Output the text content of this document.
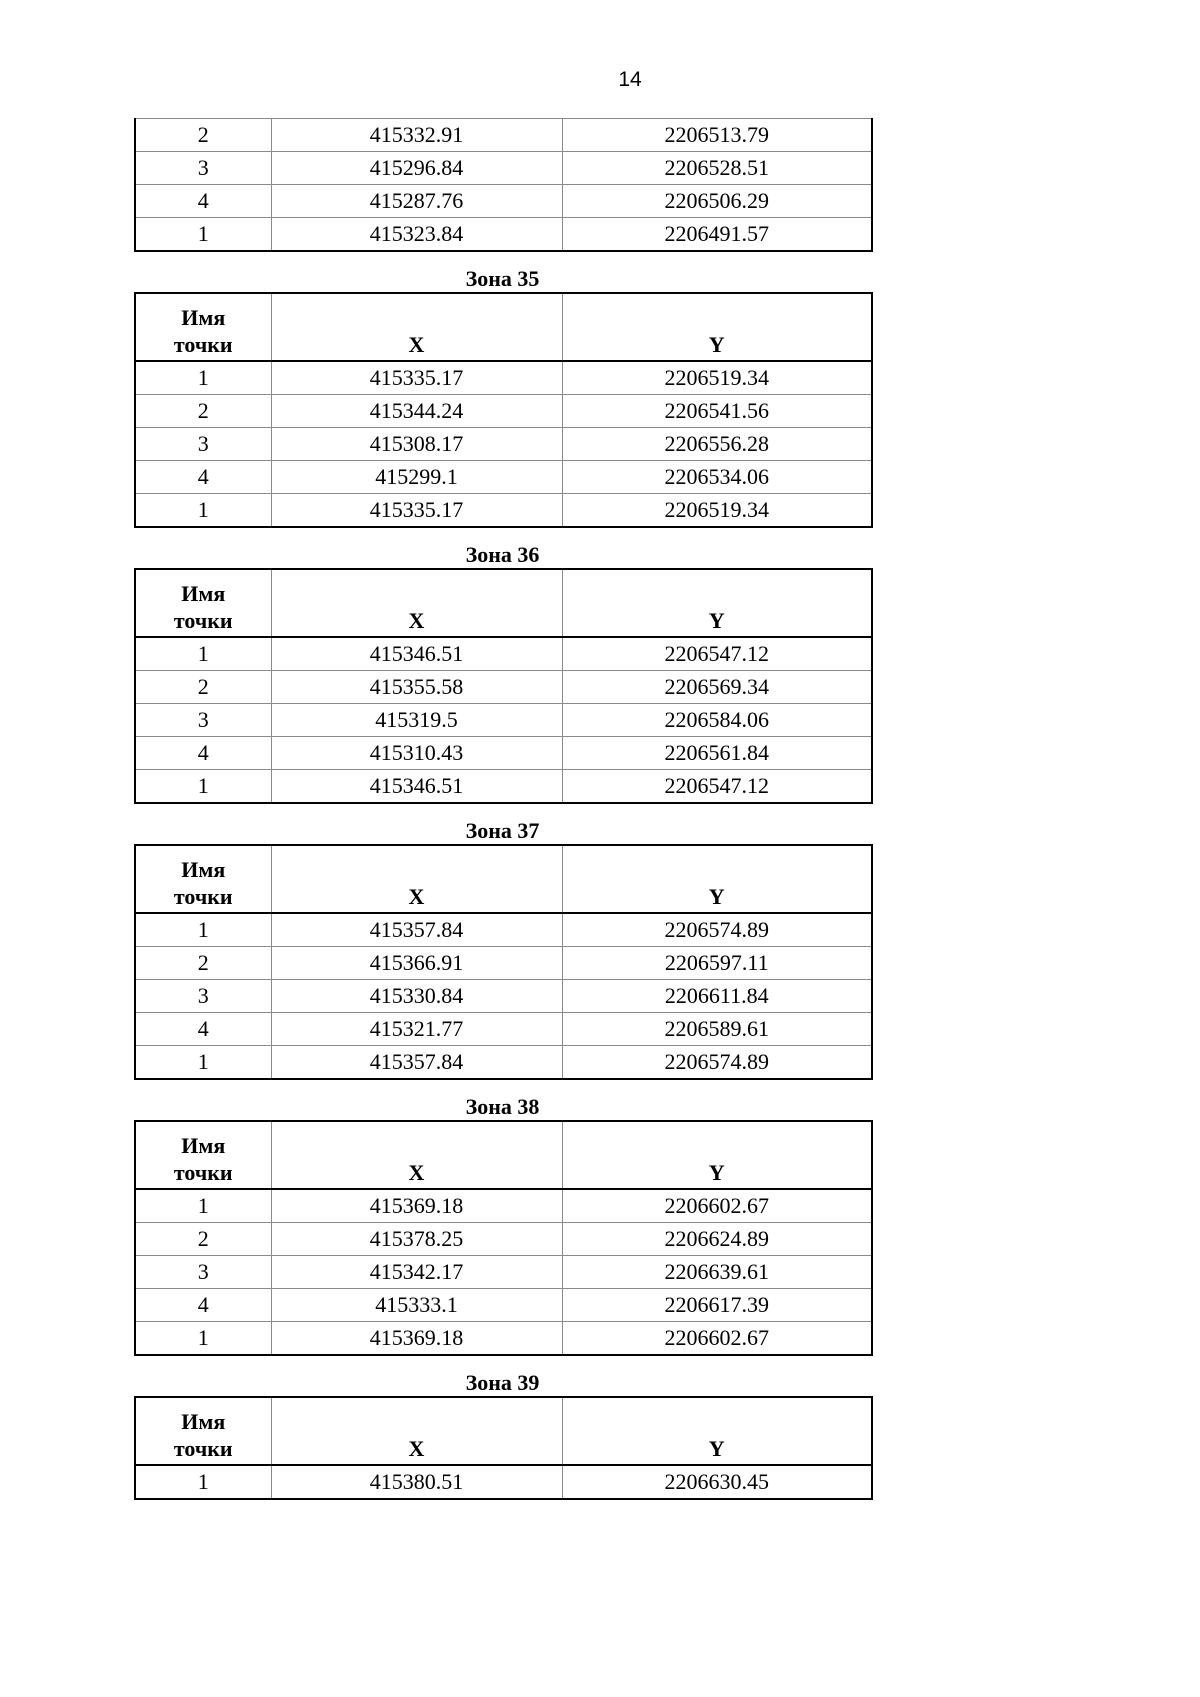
14
2	415332.91	2206513.79
3	415296.84	2206528.51
4	415287.76	2206506.29
1	415323.84	2206491.57
Зона 35
Имя
точки	X	Y
1	415335.17	2206519.34
2	415344.24	2206541.56
3	415308.17	2206556.28
4	415299.1	2206534.06
1	415335.17	2206519.34
Зона 36
Имя
точки	X	Y
1	415346.51	2206547.12
2	415355.58	2206569.34
3	415319.5	2206584.06
4	415310.43	2206561.84
1	415346.51	2206547.12
Зона 37
Имя
точки	X	Y
1	415357.84	2206574.89
2	415366.91	2206597.11
3	415330.84	2206611.84
4	415321.77	2206589.61
1	415357.84	2206574.89
Зона 38
Имя
точки	X	Y
1	415369.18	2206602.67
2	415378.25	2206624.89
3	415342.17	2206639.61
4	415333.1	2206617.39
1	415369.18	2206602.67
Зона 39
Имя
точки	X	Y
1	415380.51	2206630.45
